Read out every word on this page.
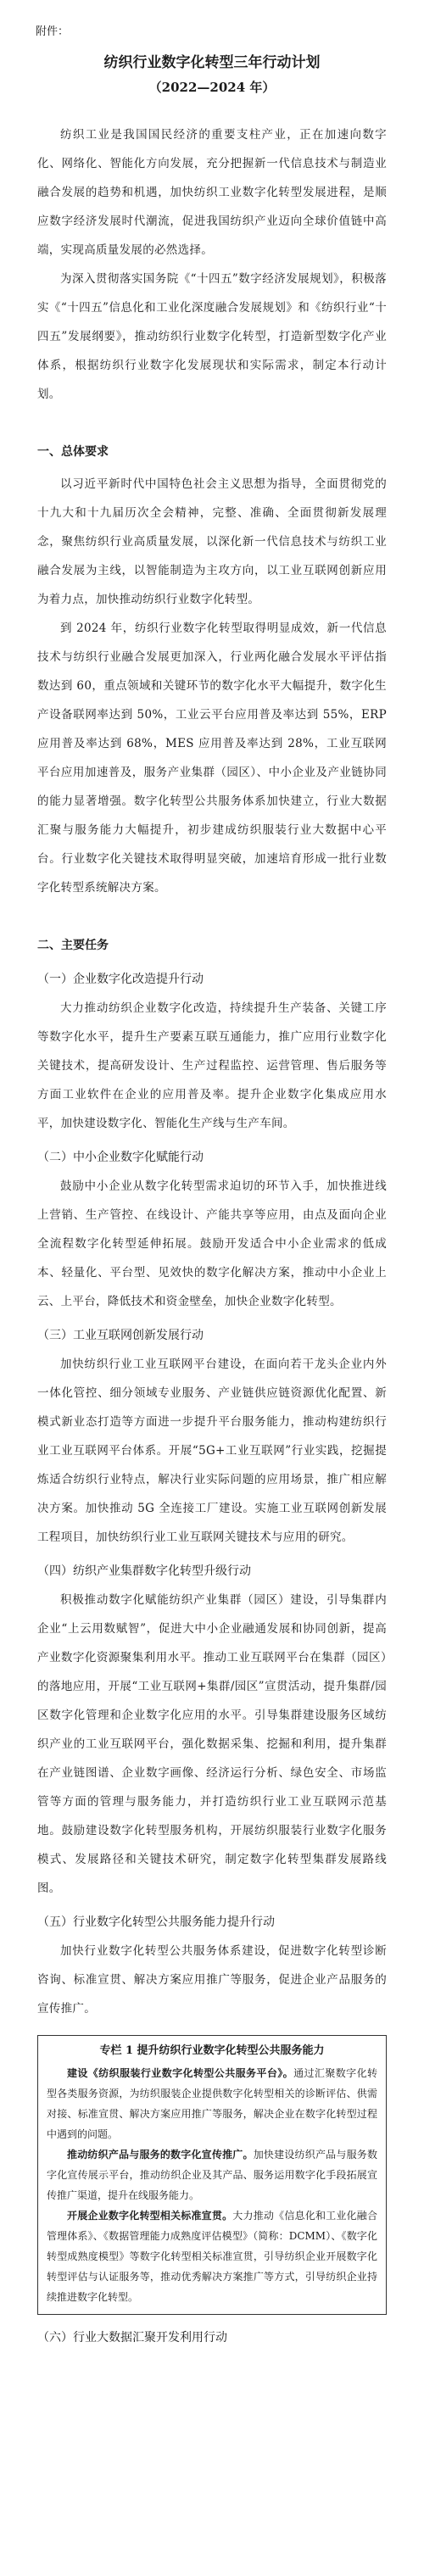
附件：
纺织行业数字化转型三年行动计划
（2022—2024 年）

纺织工业是我国国民经济的重要支柱产业，正在加速向数字化、网络化、智能化方向发展，充分把握新一代信息技术与制造业融合发展的趋势和机遇，加快纺织工业数字化转型发展进程，是顺应数字经济发展时代潮流，促进我国纺织产业迈向全球价值链中高端，实现高质量发展的必然选择。

为深入贯彻落实国务院《“十四五”数字经济发展规划》，积极落实《“十四五”信息化和工业化深度融合发展规划》和《纺织行业“十四五”发展纲要》，推动纺织行业数字化转型，打造新型数字化产业体系，根据纺织行业数字化发展现状和实际需求，制定本行动计划。

一、总体要求

以习近平新时代中国特色社会主义思想为指导，全面贯彻党的十九大和十九届历次全会精神，完整、准确、全面贯彻新发展理念，聚焦纺织行业高质量发展，以深化新一代信息技术与纺织工业融合发展为主线，以智能制造为主攻方向，以工业互联网创新应用为着力点，加快推动纺织行业数字化转型。

到 2024 年，纺织行业数字化转型取得明显成效，新一代信息技术与纺织行业融合发展更加深入，行业两化融合发展水平评估指数达到 60，重点领域和关键环节的数字化水平大幅提升，数字化生产设备联网率达到 50%，工业云平台应用普及率达到 55%，ERP 应用普及率达到 68%，MES 应用普及率达到 28%，工业互联网平台应用加速普及，服务产业集群（园区）、中小企业及产业链协同的能力显著增强。数字化转型公共服务体系加快建立，行业大数据汇聚与服务能力大幅提升，初步建成纺织服装行业大数据中心平台。行业数字化关键技术取得明显突破，加速培育形成一批行业数字化转型系统解决方案。

二、主要任务
（一）企业数字化改造提升行动

大力推动纺织企业数字化改造，持续提升生产装备、关键工序等数字化水平，提升生产要素互联互通能力，推广应用行业数字化关键技术，提高研发设计、生产过程监控、运营管理、售后服务等方面工业软件在企业的应用普及率。提升企业数字化集成应用水平，加快建设数字化、智能化生产线与生产车间。

（二）中小企业数字化赋能行动

鼓励中小企业从数字化转型需求迫切的环节入手，加快推进线上营销、生产管控、在线设计、产能共享等应用，由点及面向企业全流程数字化转型延伸拓展。鼓励开发适合中小企业需求的低成本、轻量化、平台型、见效快的数字化解决方案，推动中小企业上云、上平台，降低技术和资金壁垒，加快企业数字化转型。

（三）工业互联网创新发展行动

加快纺织行业工业互联网平台建设，在面向若干龙头企业内外一体化管控、细分领域专业服务、产业链供应链资源优化配置、新模式新业态打造等方面进一步提升平台服务能力，推动构建纺织行业工业互联网平台体系。开展“5G+工业互联网”行业实践，挖掘提炼适合纺织行业特点，解决行业实际问题的应用场景，推广相应解决方案。加快推动 5G 全连接工厂建设。实施工业互联网创新发展工程项目，加快纺织行业工业互联网关键技术与应用的研究。

（四）纺织产业集群数字化转型升级行动

积极推动数字化赋能纺织产业集群（园区）建设，引导集群内企业“上云用数赋智”，促进大中小企业融通发展和协同创新，提高产业数字化资源聚集利用水平。推动工业互联网平台在集群（园区）的落地应用，开展“工业互联网+集群/园区”宣贯活动，提升集群/园区数字化管理和企业数字化应用的水平。引导集群建设服务区域纺织产业的工业互联网平台，强化数据采集、挖掘和利用，提升集群在产业链图谱、企业数字画像、经济运行分析、绿色安全、市场监管等方面的管理与服务能力，并打造纺织行业工业互联网示范基地。鼓励建设数字化转型服务机构，开展纺织服装行业数字化服务模式、发展路径和关键技术研究，制定数字化转型集群发展路线图。

（五）行业数字化转型公共服务能力提升行动

加快行业数字化转型公共服务体系建设，促进数字化转型诊断咨询、标准宣贯、解决方案应用推广等服务，促进企业产品服务的宣传推广。

专栏 1 提升纺织行业数字化转型公共服务能力

建设《纺织服装行业数字化转型公共服务平台》。通过汇聚数字化转型各类服务资源，为纺织服装企业提供数字化转型相关的诊断评估、供需对接、标准宣贯、解决方案应用推广等服务，解决企业在数字化转型过程中遇到的问题。

推动纺织产品与服务的数字化宣传推广。加快建设纺织产品与服务数字化宣传展示平台，推动纺织企业及其产品、服务运用数字化手段拓展宣传推广渠道，提升在线服务能力。

开展企业数字化转型相关标准宣贯。大力推动《信息化和工业化融合管理体系》、《数据管理能力成熟度评估模型》（简称：DCMM）、《数字化转型成熟度模型》等数字化转型相关标准宣贯，引导纺织企业开展数字化转型评估与认证服务等，推动优秀解决方案推广等方式，引导纺织企业持续推进数字化转型。

（六）行业大数据汇聚开发利用行动
